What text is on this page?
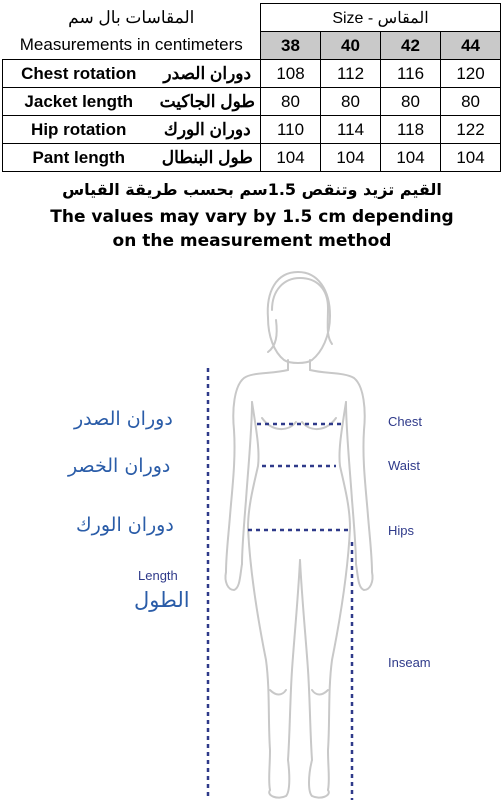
المقاسات بال سم		Size - المقاس			
Measurements in centimeters		38	40	42	44
Chest rotation	دوران الصدر	108	112	116	120
Jacket length	طول الجاكيت	80	80	80	80
Hip rotation	دوران الورك	110	114	118	122
Pant length	طول البنطال	104	104	104	104
القيم تزيد وتنقص 1.5سم بحسب طريقة القياس
The values may vary by 1.5 cm depending
on the measurement method
دوران الصدر
دوران الخصر
دوران الورك
Length
الطول
Chest
Waist
Hips
Inseam
